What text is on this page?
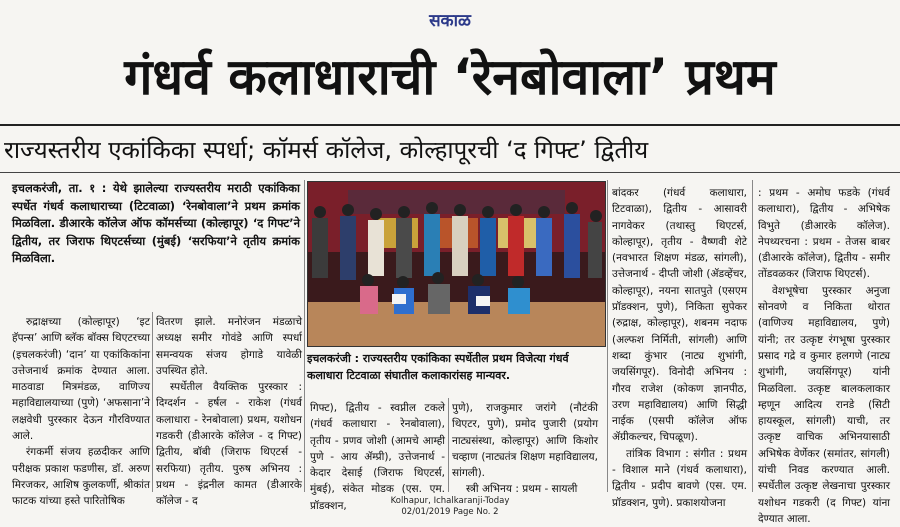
सकाळ
गंधर्व कलाधाराची ‘रेनबोवाला’ प्रथम
राज्यस्तरीय एकांकिका स्पर्धा; कॉमर्स कॉलेज, कोल्हापूरची ‘द गिफ्ट’ द्वितीय
इचलकरंजी, ता. १ : येथे झालेल्या राज्यस्तरीय मराठी एकांकिका स्पर्धेत गंधर्व कलाधाराच्या (टिटवाळा) ‘रेनबोवाला’ने प्रथम क्रमांक मिळविला. डीआरके कॉलेज ऑफ कॉमर्सच्या (कोल्हापूर) ‘द गिफ्ट’ने द्वितीय, तर जिराफ थिएटर्सच्या (मुंबई) ‘सरफिया’ने तृतीय क्रमांक मिळविला.

रुद्राक्षच्या (कोल्हापूर) ‘इट हॅपन्स’ आणि ब्लॅक बॉक्स थिएटरच्या (इचलकरंजी) ‘दान’ या एकांकिकांना उत्तेजनार्थ क्रमांक देण्यात आला. माठवाडा मित्रमंडळ, वाणिज्य महाविद्यालयाच्या (पुणे) ‘अफसाना’ने लक्षवेधी पुरस्कार देऊन गौरविण्यात आले.

रंगकर्मी संजय हळदीकर आणि परीक्षक प्रकाश फडणीस, डॉ. अरुण मिरजकर, आशिष कुलकर्णी, श्रीकांत फाटक यांच्या हस्ते पारितोषिक

वितरण झाले. मनोरंजन मंडळाचे अध्यक्ष समीर गोवंडे आणि स्पर्धा समन्वयक संजय होगाडे यावेळी उपस्थित होते.

स्पर्धेतील वैयक्तिक पुरस्कार : दिग्दर्शन - हर्षल - राकेश (गंधर्व कलाधारा - रेनबोवाला) प्रथम, यशोधन गडकरी (डीआरके कॉलेज - द गिफ्ट) द्वितीय, बॉबी (जिराफ थिएटर्स - सरफिया) तृतीय. पुरुष अभिनय : प्रथम - इंद्रनील कामत (डीआरके कॉलेज - द

इचलकरंजी : राज्यस्तरीय एकांकिका स्पर्धेतील प्रथम विजेत्या गंधर्व कलाधारा टिटवाळा संघातील कलाकारांसह मान्यवर.

गिफ्ट), द्वितीय - स्वप्नील टकले (गंधर्व कलाधारा - रेनबोवाला), तृतीय - प्रणव जोशी (आमचे आम्ही पुणे - आय ॲम्प्री), उत्तेजनार्थ - केदार देसाई (जिराफ थिएटर्स, मुंबई), संकेत मोडक (एस. एम. प्रॉडक्शन,

पुणे), राजकुमार जरांगे (नौटंकी थिएटर, पुणे), प्रमोद पुजारी (प्रयोग नाट्यसंस्था, कोल्हापूर) आणि किशोर चव्हाण (नाट्यतंत्र शिक्षण महाविद्यालय, सांगली).

स्त्री अभिनय : प्रथम - सायली

बांदकर (गंधर्व कलाधारा, टिटवाळा), द्वितीय - आसावरी नागवेकर (तथास्तु थिएटर्स, कोल्हापूर), तृतीय - वैष्णवी शेटे (नवभारत शिक्षण मंडळ, सांगली), उत्तेजनार्थ - दीप्ती जोशी (ॲडव्हेंचर, कोल्हापूर), नयना सातपुते (एसएम प्रॉडक्शन, पुणे), निकिता सुपेकर (रुद्राक्ष, कोल्हापूर), शबनम नदाफ (अल्फश निर्मिती, सांगली) आणि शब्दा कुंभार (नाट्य शुभांगी, जयसिंगपूर). विनोदी अभिनय : गौरव राजेश (कोकण ज्ञानपीठ, उरण महाविद्यालय) आणि सिद्धी नाईक (एसपी कॉलेज ऑफ ॲग्रीकल्चर, चिपळूण).

तांत्रिक विभाग : संगीत : प्रथम - विशाल माने (गंधर्व कलाधारा), द्वितीय - प्रदीप बावणे (एस. एम. प्रॉडक्शन, पुणे). प्रकाशयोजना

: प्रथम - अमोघ फडके (गंधर्व कलाधारा), द्वितीय - अभिषेक विभुते (डीआरके कॉलेज). नेपथ्यरचना : प्रथम - तेजस बाबर (डीआरके कॉलेज), द्वितीय - समीर तोंडवळकर (जिराफ थिएटर्स).

वेशभूषेचा पुरस्कार अनुजा सोनवणे व निकिता थोरात (वाणिज्य महाविद्यालय, पुणे) यांनी; तर उत्कृष्ट रंगभूषा पुरस्कार प्रसाद गद्रे व कुमार हलगणे (नाट्य शुभांगी, जयसिंगपूर) यांनी मिळविला. उत्कृष्ट बालकलाकार म्हणून आदित्य रानडे (सिटी हायस्कूल, सांगली) याची, तर उत्कृष्ट वाचिक अभिनयासाठी अभिषेक वेर्णेकर (समांतर, सांगली) यांची निवड करण्यात आली. स्पर्धेतील उत्कृष्ट लेखनाचा पुरस्कार यशोधन गडकरी (द गिफ्ट) यांना देण्यात आला.

Kolhapur, Ichalkaranji-Today
02/01/2019 Page No. 2
